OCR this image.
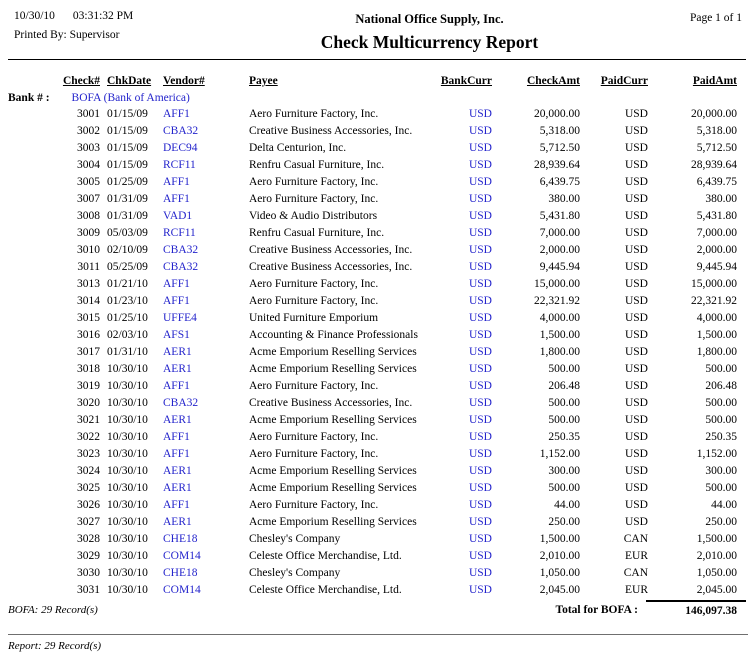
10/30/10 03:31:32 PM
Printed By: Supervisor
National Office Supply, Inc.
Check Multicurrency Report
Page 1 of 1
Check#	ChkDate	Vendor#	Payee	BankCurr	CheckAmt	PaidCurr	PaidAmt

Bank # : BOFA (Bank of America)							

3001	01/15/09	AFF1	Aero Furniture Factory, Inc.	USD	20,000.00	USD	20,000.00
3002	01/15/09	CBA32	Creative Business Accessories, Inc.	USD	5,318.00	USD	5,318.00
3003	01/15/09	DEC94	Delta Centurion, Inc.	USD	5,712.50	USD	5,712.50
3004	01/15/09	RCF11	Renfru Casual Furniture, Inc.	USD	28,939.64	USD	28,939.64
3005	01/25/09	AFF1	Aero Furniture Factory, Inc.	USD	6,439.75	USD	6,439.75
3007	01/31/09	AFF1	Aero Furniture Factory, Inc.	USD	380.00	USD	380.00
3008	01/31/09	VAD1	Video & Audio Distributors	USD	5,431.80	USD	5,431.80
3009	05/03/09	RCF11	Renfru Casual Furniture, Inc.	USD	7,000.00	USD	7,000.00
3010	02/10/09	CBA32	Creative Business Accessories, Inc.	USD	2,000.00	USD	2,000.00
3011	05/25/09	CBA32	Creative Business Accessories, Inc.	USD	9,445.94	USD	9,445.94
3013	01/21/10	AFF1	Aero Furniture Factory, Inc.	USD	15,000.00	USD	15,000.00
3014	01/23/10	AFF1	Aero Furniture Factory, Inc.	USD	22,321.92	USD	22,321.92
3015	01/25/10	UFFE4	United Furniture Emporium	USD	4,000.00	USD	4,000.00
3016	02/03/10	AFS1	Accounting & Finance Professionals	USD	1,500.00	USD	1,500.00
3017	01/31/10	AER1	Acme Emporium Reselling Services	USD	1,800.00	USD	1,800.00
3018	10/30/10	AER1	Acme Emporium Reselling Services	USD	500.00	USD	500.00
3019	10/30/10	AFF1	Aero Furniture Factory, Inc.	USD	206.48	USD	206.48
3020	10/30/10	CBA32	Creative Business Accessories, Inc.	USD	500.00	USD	500.00
3021	10/30/10	AER1	Acme Emporium Reselling Services	USD	500.00	USD	500.00
3022	10/30/10	AFF1	Aero Furniture Factory, Inc.	USD	250.35	USD	250.35
3023	10/30/10	AFF1	Aero Furniture Factory, Inc.	USD	1,152.00	USD	1,152.00
3024	10/30/10	AER1	Acme Emporium Reselling Services	USD	300.00	USD	300.00
3025	10/30/10	AER1	Acme Emporium Reselling Services	USD	500.00	USD	500.00
3026	10/30/10	AFF1	Aero Furniture Factory, Inc.	USD	44.00	USD	44.00
3027	10/30/10	AER1	Acme Emporium Reselling Services	USD	250.00	USD	250.00
3028	10/30/10	CHE18	Chesley's Company	USD	1,500.00	CAN	1,500.00
3029	10/30/10	COM14	Celeste Office Merchandise, Ltd.	USD	2,010.00	EUR	2,010.00
3030	10/30/10	CHE18	Chesley's Company	USD	1,050.00	CAN	1,050.00
3031	10/30/10	COM14	Celeste Office Merchandise, Ltd.	USD	2,045.00	EUR	2,045.00
BOFA: 29 Record(s)	Total for BOFA :	146,097.38
Report: 29 Record(s)
